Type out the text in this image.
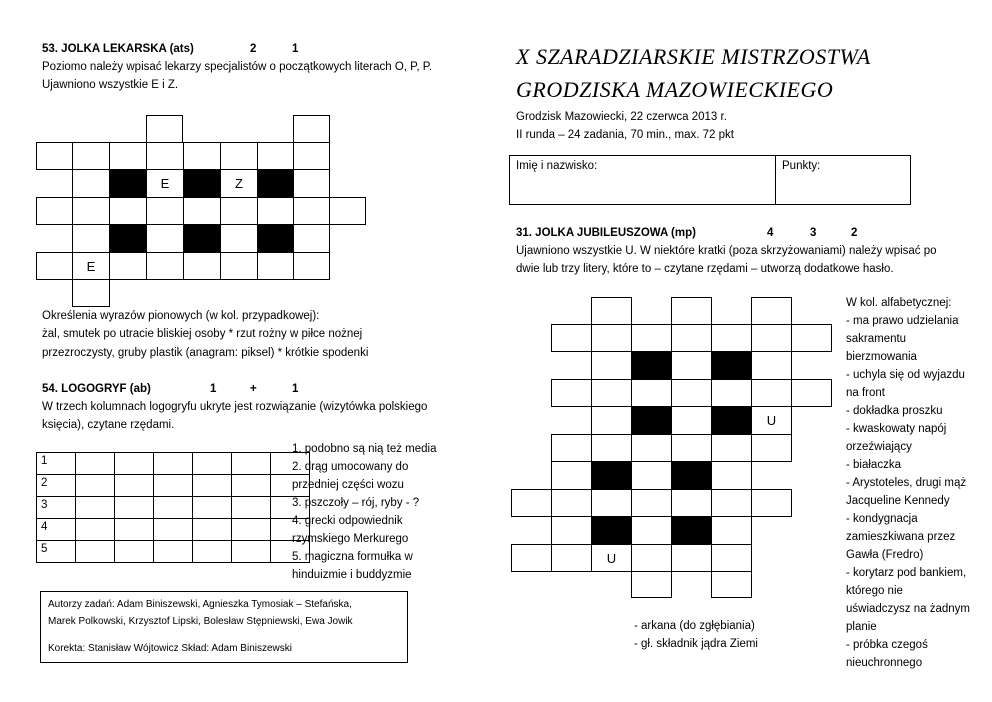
53. JOLKA LEKARSKA (ats)	2	1
Poziomo należy wpisać lekarzy specjalistów o początkowych literach O, P, P.
Ujawniono wszystkie E i Z.
E	Z
E
Określenia wyrazów pionowych (w kol. przypadkowej):
żal, smutek po utracie bliskiej osoby * rzut rożny w piłce nożnej
przezroczysty, gruby plastik (anagram: piksel) * krótkie spodenki
54. LOGOGRYF (ab)	1	+	1
W trzech kolumnach logogryfu ukryte jest rozwiązanie (wizytówka polskiego
księcia), czytane rzędami.
1						
2						
3						
4						
5						
1. podobno są nią też media
2. drąg umocowany do
przedniej części wozu
3. pszczoły – rój, ryby - ?
4. grecki odpowiednik
rzymskiego Merkurego
5. magiczna formułka w
hinduizmie i buddyzmie
Autorzy zadań: Adam Biniszewski, Agnieszka Tymosiak – Stefańska,
Marek Polkowski, Krzysztof Lipski, Bolesław Stępniewski, Ewa Jowik
Korekta: Stanisław Wójtowicz Skład: Adam Biniszewski
X SZARADZIARSKIE MISTRZOSTWA
GRODZISKA MAZOWIECKIEGO
Grodzisk Mazowiecki, 22 czerwca 2013 r.
II runda – 24 zadania, 70 min., max. 72 pkt
Imię i nazwisko:	Punkty:
31. JOLKA JUBILEUSZOWA (mp)	4	3	2
Ujawniono wszystkie U. W niektóre kratki (poza skrzyżowaniami) należy wpisać po
dwie lub trzy litery, które to – czytane rzędami – utworzą dodatkowe hasło.
U
U
- arkana (do zgłębiania)
- gł. składnik jądra Ziemi
W kol. alfabetycznej:
- ma prawo udzielania
sakramentu
bierzmowania
- uchyla się od wyjazdu
na front
- dokładka proszku
- kwaskowaty napój
orzeźwiający
- białaczka
- Arystoteles, drugi mąż
Jacqueline Kennedy
- kondygnacja
zamieszkiwana przez
Gawła (Fredro)
- korytarz pod bankiem,
którego nie
uświadczysz na żadnym
planie
- próbka czegoś
nieuchronnego
